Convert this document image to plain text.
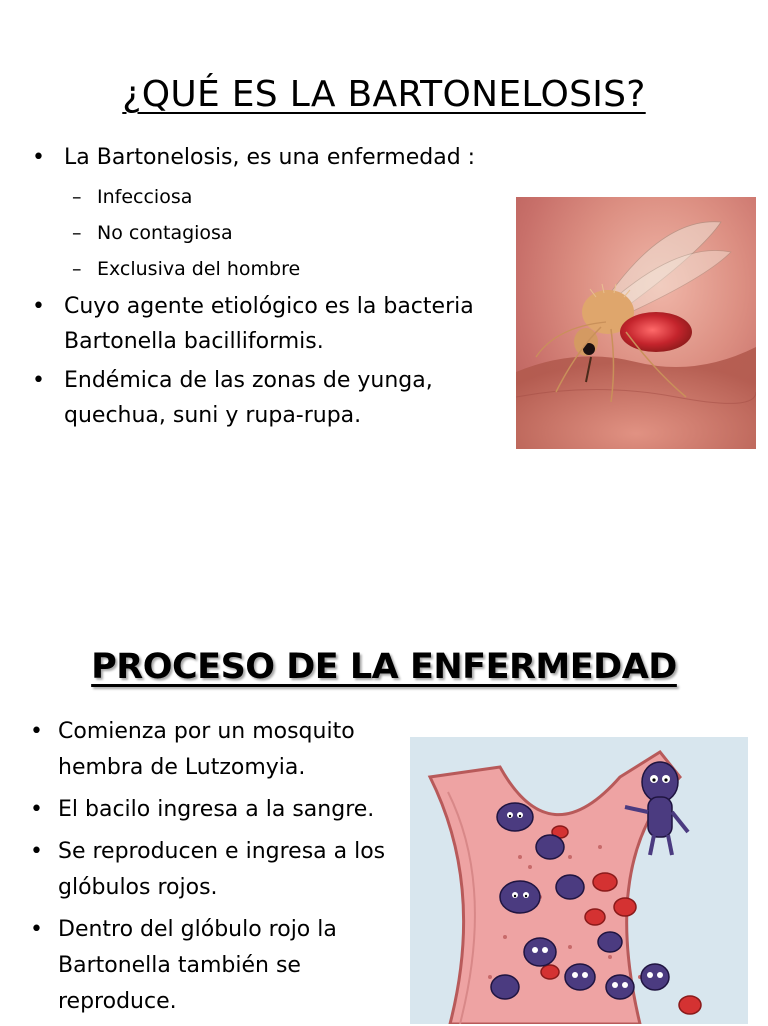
¿QUÉ ES LA BARTONELOSIS?
• La Bartonelosis, es una enfermedad :
– Infecciosa
– No contagiosa
– Exclusiva del hombre
• Cuyo agente etiológico es la bacteria Bartonella bacilliformis.
• Endémica de las zonas de yunga, quechua, suni y rupa-rupa.
PROCESO DE LA ENFERMEDAD
• Comienza por un mosquito hembra de Lutzomyia.
• El bacilo ingresa a la sangre.
• Se reproducen e ingresa a los glóbulos rojos.
• Dentro del glóbulo rojo la Bartonella también se reproduce.
